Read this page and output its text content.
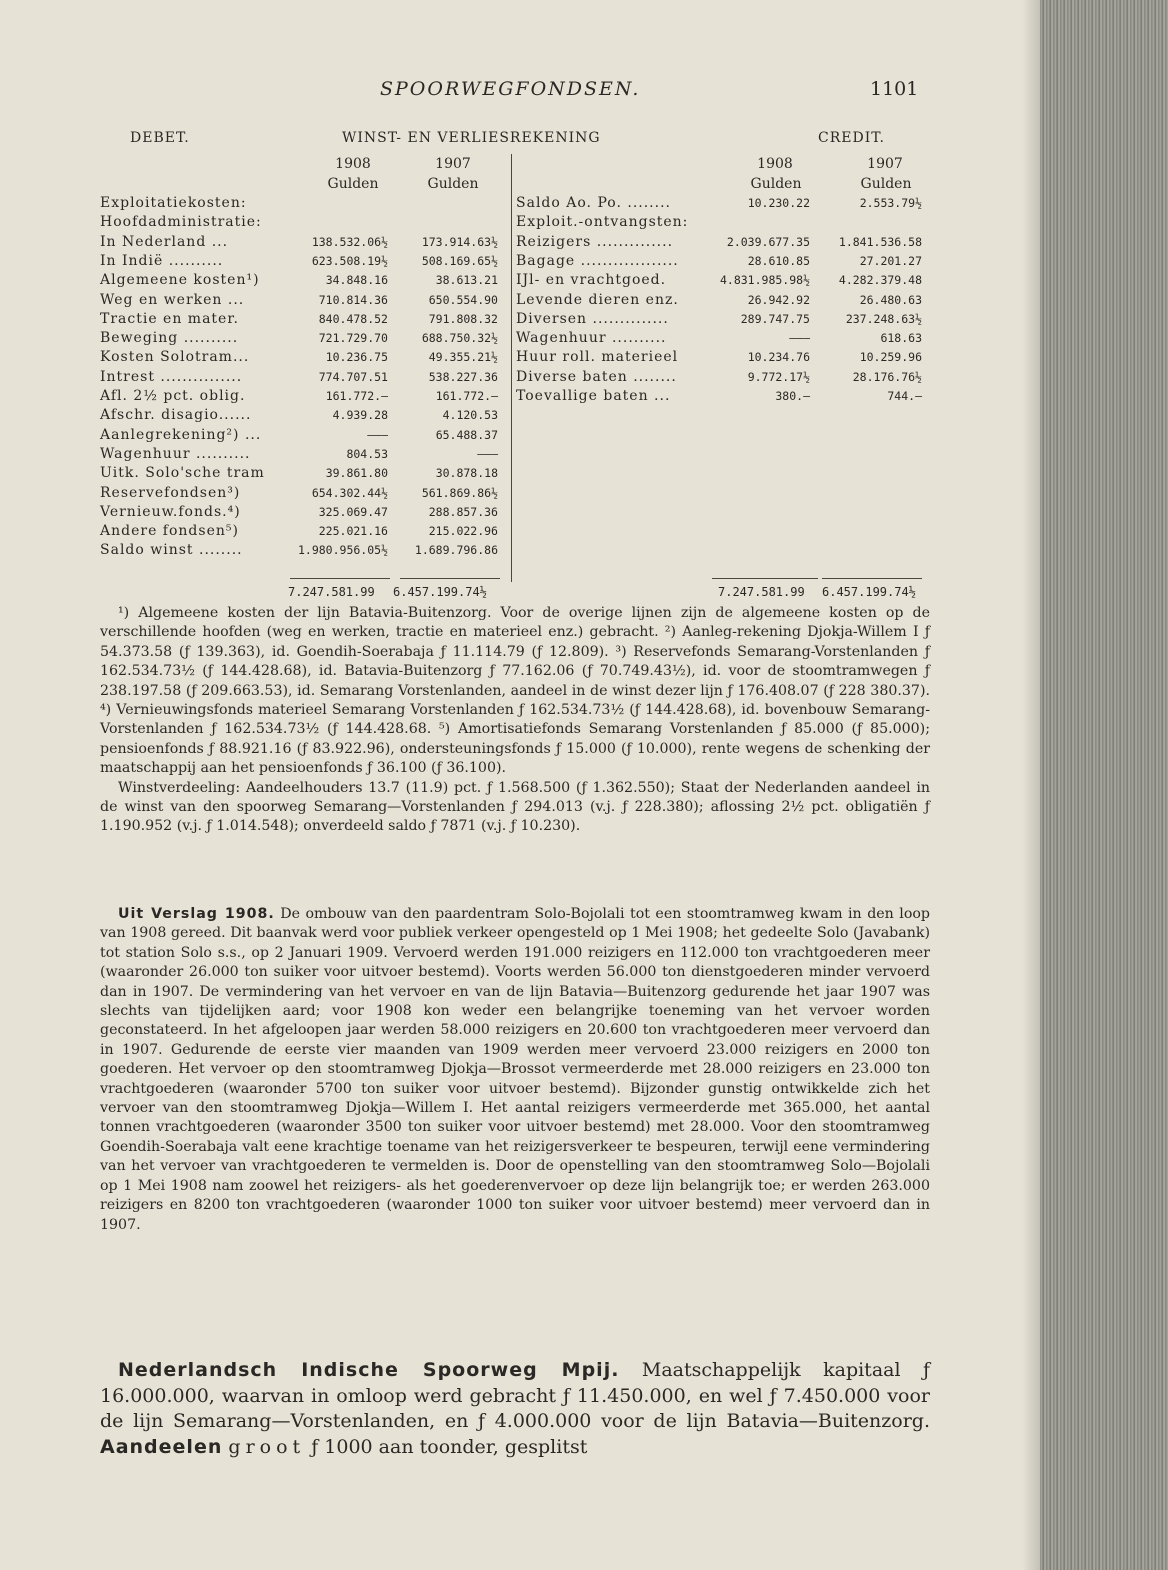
SPOORWEGFONDSEN.	1101
DEBET.	WINST- EN VERLIESREKENING	CREDIT.
1908	1907
Gulden	Gulden
1908	1907
Gulden	Gulden
Exploitatiekosten:
Hoofdadministratie:
In Nederland ...	138.532.06½	173.914.63½
In Indië ..........	623.508.19½	508.169.65½
Algemeene kosten¹)	34.848.16	38.613.21
Weg en werken ...	710.814.36	650.554.90
Tractie en mater.	840.478.52	791.808.32
Beweging ..........	721.729.70	688.750.32½
Kosten Solotram...	10.236.75	49.355.21½
Intrest ...............	774.707.51	538.227.36
Afl. 2½ pct. oblig.	161.772.—	161.772.—
Afschr. disagio......	4.939.28	4.120.53
Aanlegrekening²) ...	———	65.488.37
Wagenhuur ..........	804.53	———
Uitk. Solo'sche tram	39.861.80	30.878.18
Reservefondsen³)	654.302.44½	561.869.86½
Vernieuw.fonds.⁴)	325.069.47	288.857.36
Andere fondsen⁵)	225.021.16	215.022.96
Saldo winst ........	1.980.956.05½ 1.689.796.86
Saldo Ao. Po. ........	10.230.22	2.553.79½
Exploit.-ontvangsten:
Reizigers ..............	2.039.677.35	1.841.536.58
Bagage ..................	28.610.85	27.201.27
IJl- en vrachtgoed.	4.831.985.98½	4.282.379.48
Levende dieren enz.	26.942.92	26.480.63
Diversen ..............	289.747.75	237.248.63½
Wagenhuur ..........	———	618.63
Huur roll. materieel	10.234.76	10.259.96
Diverse baten ........	9.772.17½	28.176.76½
Toevallige baten ...	380.—	744.—
7.247.581.99 6.457.199.74½	7.247.581.99 6.457.199.74½

¹) Algemeene kosten der lijn Batavia-Buitenzorg. Voor de overige lijnen zijn de algemeene kosten op de verschillende hoofden (weg en werken, tractie en materieel enz.) gebracht. ²) Aanleg-rekening Djokja-Willem I ƒ 54.373.58 (ƒ 139.363), id. Goendih-Soerabaja ƒ 11.114.79 (ƒ 12.809). ³) Reservefonds Semarang-Vorstenlanden ƒ 162.534.73½ (ƒ 144.428.68), id. Batavia-Buitenzorg ƒ 77.162.06 (ƒ 70.749.43½), id. voor de stoomtramwegen ƒ 238.197.58 (ƒ 209.663.53), id. Semarang Vorstenlanden, aandeel in de winst dezer lijn ƒ 176.408.07 (ƒ 228 380.37). ⁴) Vernieuwingsfonds materieel Semarang Vorstenlanden ƒ 162.534.73½ (ƒ 144.428.68), id. bovenbouw Semarang-Vorstenlanden ƒ 162.534.73½ (ƒ 144.428.68. ⁵) Amortisatiefonds Semarang Vorstenlanden ƒ 85.000 (ƒ 85.000); pensioenfonds ƒ 88.921.16 (ƒ 83.922.96), ondersteuningsfonds ƒ 15.000 (ƒ 10.000), rente wegens de schenking der maatschappij aan het pensioenfonds ƒ 36.100 (ƒ 36.100).

Winstverdeeling: Aandeelhouders 13.7 (11.9) pct. ƒ 1.568.500 (ƒ 1.362.550); Staat der Nederlanden aandeel in de winst van den spoorweg Semarang—Vorstenlanden ƒ 294.013 (v.j. ƒ 228.380); aflossing 2½ pct. obligatiën ƒ 1.190.952 (v.j. ƒ 1.014.548); onverdeeld saldo ƒ 7871 (v.j. ƒ 10.230).

Uit Verslag 1908. De ombouw van den paardentram Solo-Bojolali tot een stoomtramweg kwam in den loop van 1908 gereed. Dit baanvak werd voor publiek verkeer opengesteld op 1 Mei 1908; het gedeelte Solo (Javabank) tot station Solo s.s., op 2 Januari 1909. Vervoerd werden 191.000 reizigers en 112.000 ton vrachtgoederen meer (waaronder 26.000 ton suiker voor uitvoer bestemd). Voorts werden 56.000 ton dienstgoederen minder vervoerd dan in 1907. De vermindering van het vervoer en van de lijn Batavia—Buitenzorg gedurende het jaar 1907 was slechts van tijdelijken aard; voor 1908 kon weder een belangrijke toeneming van het vervoer worden geconstateerd. In het afgeloopen jaar werden 58.000 reizigers en 20.600 ton vrachtgoederen meer vervoerd dan in 1907. Gedurende de eerste vier maanden van 1909 werden meer vervoerd 23.000 reizigers en 2000 ton goederen. Het vervoer op den stoomtramweg Djokja—Brossot vermeerderde met 28.000 reizigers en 23.000 ton vrachtgoederen (waaronder 5700 ton suiker voor uitvoer bestemd). Bijzonder gunstig ontwikkelde zich het vervoer van den stoomtramweg Djokja—Willem I. Het aantal reizigers vermeerderde met 365.000, het aantal tonnen vrachtgoederen (waaronder 3500 ton suiker voor uitvoer bestemd) met 28.000. Voor den stoomtramweg Goendih-Soerabaja valt eene krachtige toename van het reizigersverkeer te bespeuren, terwijl eene vermindering van het vervoer van vrachtgoederen te vermelden is. Door de openstelling van den stoomtramweg Solo—Bojolali op 1 Mei 1908 nam zoowel het reizigers- als het goederenvervoer op deze lijn belangrijk toe; er werden 263.000 reizigers en 8200 ton vrachtgoederen (waaronder 1000 ton suiker voor uitvoer bestemd) meer vervoerd dan in 1907.
Nederlandsch Indische Spoorweg Mpij. Maatschappelijk kapitaal ƒ 16.000.000, waarvan in omloop werd gebracht ƒ 11.450.000, en wel ƒ 7.450.000 voor de lijn Semarang—Vorstenlanden, en ƒ 4.000.000 voor de lijn Batavia—Buitenzorg. Aandeelen groot ƒ 1000 aan toonder, gesplitst
